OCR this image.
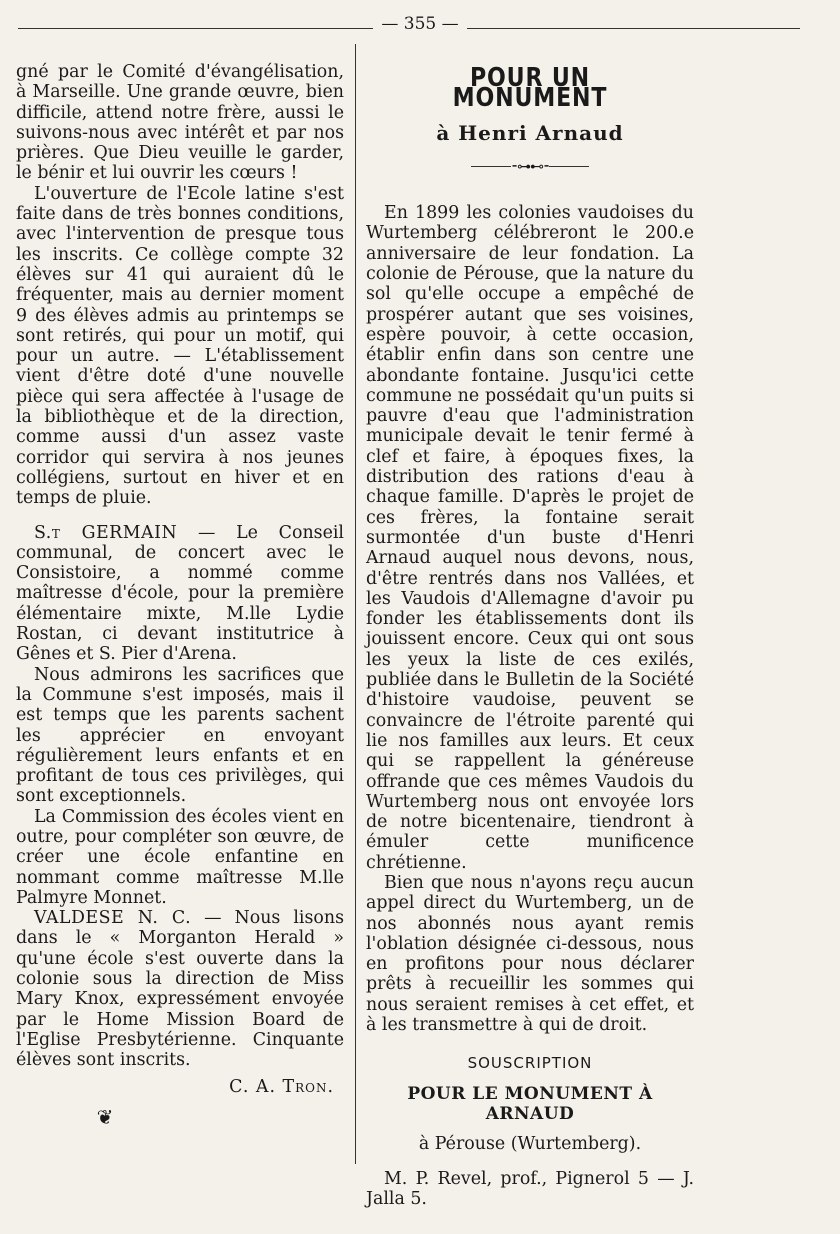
— 355 —

gné par le Comité d'évangélisation, à Marseille. Une grande œuvre, bien difficile, attend notre frère, aussi le suivons-nous avec intérêt et par nos prières. Que Dieu veuille le garder, le bénir et lui ouvrir les cœurs !

L'ouverture de l'Ecole latine s'est faite dans de très bonnes conditions, avec l'intervention de presque tous les inscrits. Ce collège compte 32 élèves sur 41 qui auraient dû le fréquenter, mais au dernier moment 9 des élèves admis au printemps se sont retirés, qui pour un motif, qui pour un autre. — L'établissement vient d'être doté d'une nouvelle pièce qui sera affectée à l'usage de la bibliothèque et de la direction, comme aussi d'un assez vaste corridor qui servira à nos jeunes collégiens, surtout en hiver et en temps de pluie.

S.t GERMAIN — Le Conseil communal, de concert avec le Consistoire, a nommé comme maîtresse d'école, pour la première élémentaire mixte, M.lle Lydie Rostan, ci devant institutrice à Gênes et S. Pier d'Arena.

Nous admirons les sacrifices que la Commune s'est imposés, mais il est temps que les parents sachent les apprécier en envoyant régulièrement leurs enfants et en profitant de tous ces privilèges, qui sont exceptionnels.

La Commission des écoles vient en outre, pour compléter son œuvre, de créer une école enfantine en nommant comme maîtresse M.lle Palmyre Monnet.

VALDESE N. C. — Nous lisons dans le « Morganton Herald » qu'une école s'est ouverte dans la colonie sous la direction de Miss Mary Knox, expressément envoyée par le Home Mission Board de l'Eglise Presbytérienne. Cinquante élèves sont inscrits.

C. A. Tron.

❦
POUR UN MONUMENT
à Henri Arnaud
⁃⊶⊷⁃

En 1899 les colonies vaudoises du Wurtemberg célébreront le 200.e anniversaire de leur fondation. La colonie de Pérouse, que la nature du sol qu'elle occupe a empêché de prospérer autant que ses voisines, espère pouvoir, à cette occasion, établir enfin dans son centre une abondante fontaine. Jusqu'ici cette commune ne possédait qu'un puits si pauvre d'eau que l'administration municipale devait le tenir fermé à clef et faire, à époques fixes, la distribution des rations d'eau à chaque famille. D'après le projet de ces frères, la fontaine serait surmontée d'un buste d'Henri Arnaud auquel nous devons, nous, d'être rentrés dans nos Vallées, et les Vaudois d'Allemagne d'avoir pu fonder les établissements dont ils jouissent encore. Ceux qui ont sous les yeux la liste de ces exilés, publiée dans le Bulletin de la Société d'histoire vaudoise, peuvent se convaincre de l'étroite parenté qui lie nos familles aux leurs. Et ceux qui se rappellent la généreuse offrande que ces mêmes Vaudois du Wurtemberg nous ont envoyée lors de notre bicentenaire, tiendront à émuler cette munificence chrétienne.

Bien que nous n'ayons reçu aucun appel direct du Wurtemberg, un de nos abonnés nous ayant remis l'oblation désignée ci-dessous, nous en profitons pour nous déclarer prêts à recueillir les sommes qui nous seraient remises à cet effet, et à les transmettre à qui de droit.

SOUSCRIPTION
POUR LE MONUMENT À ARNAUD
à Pérouse (Wurtemberg).

M. P. Revel, prof., Pignerol 5 — J. Jalla 5.
